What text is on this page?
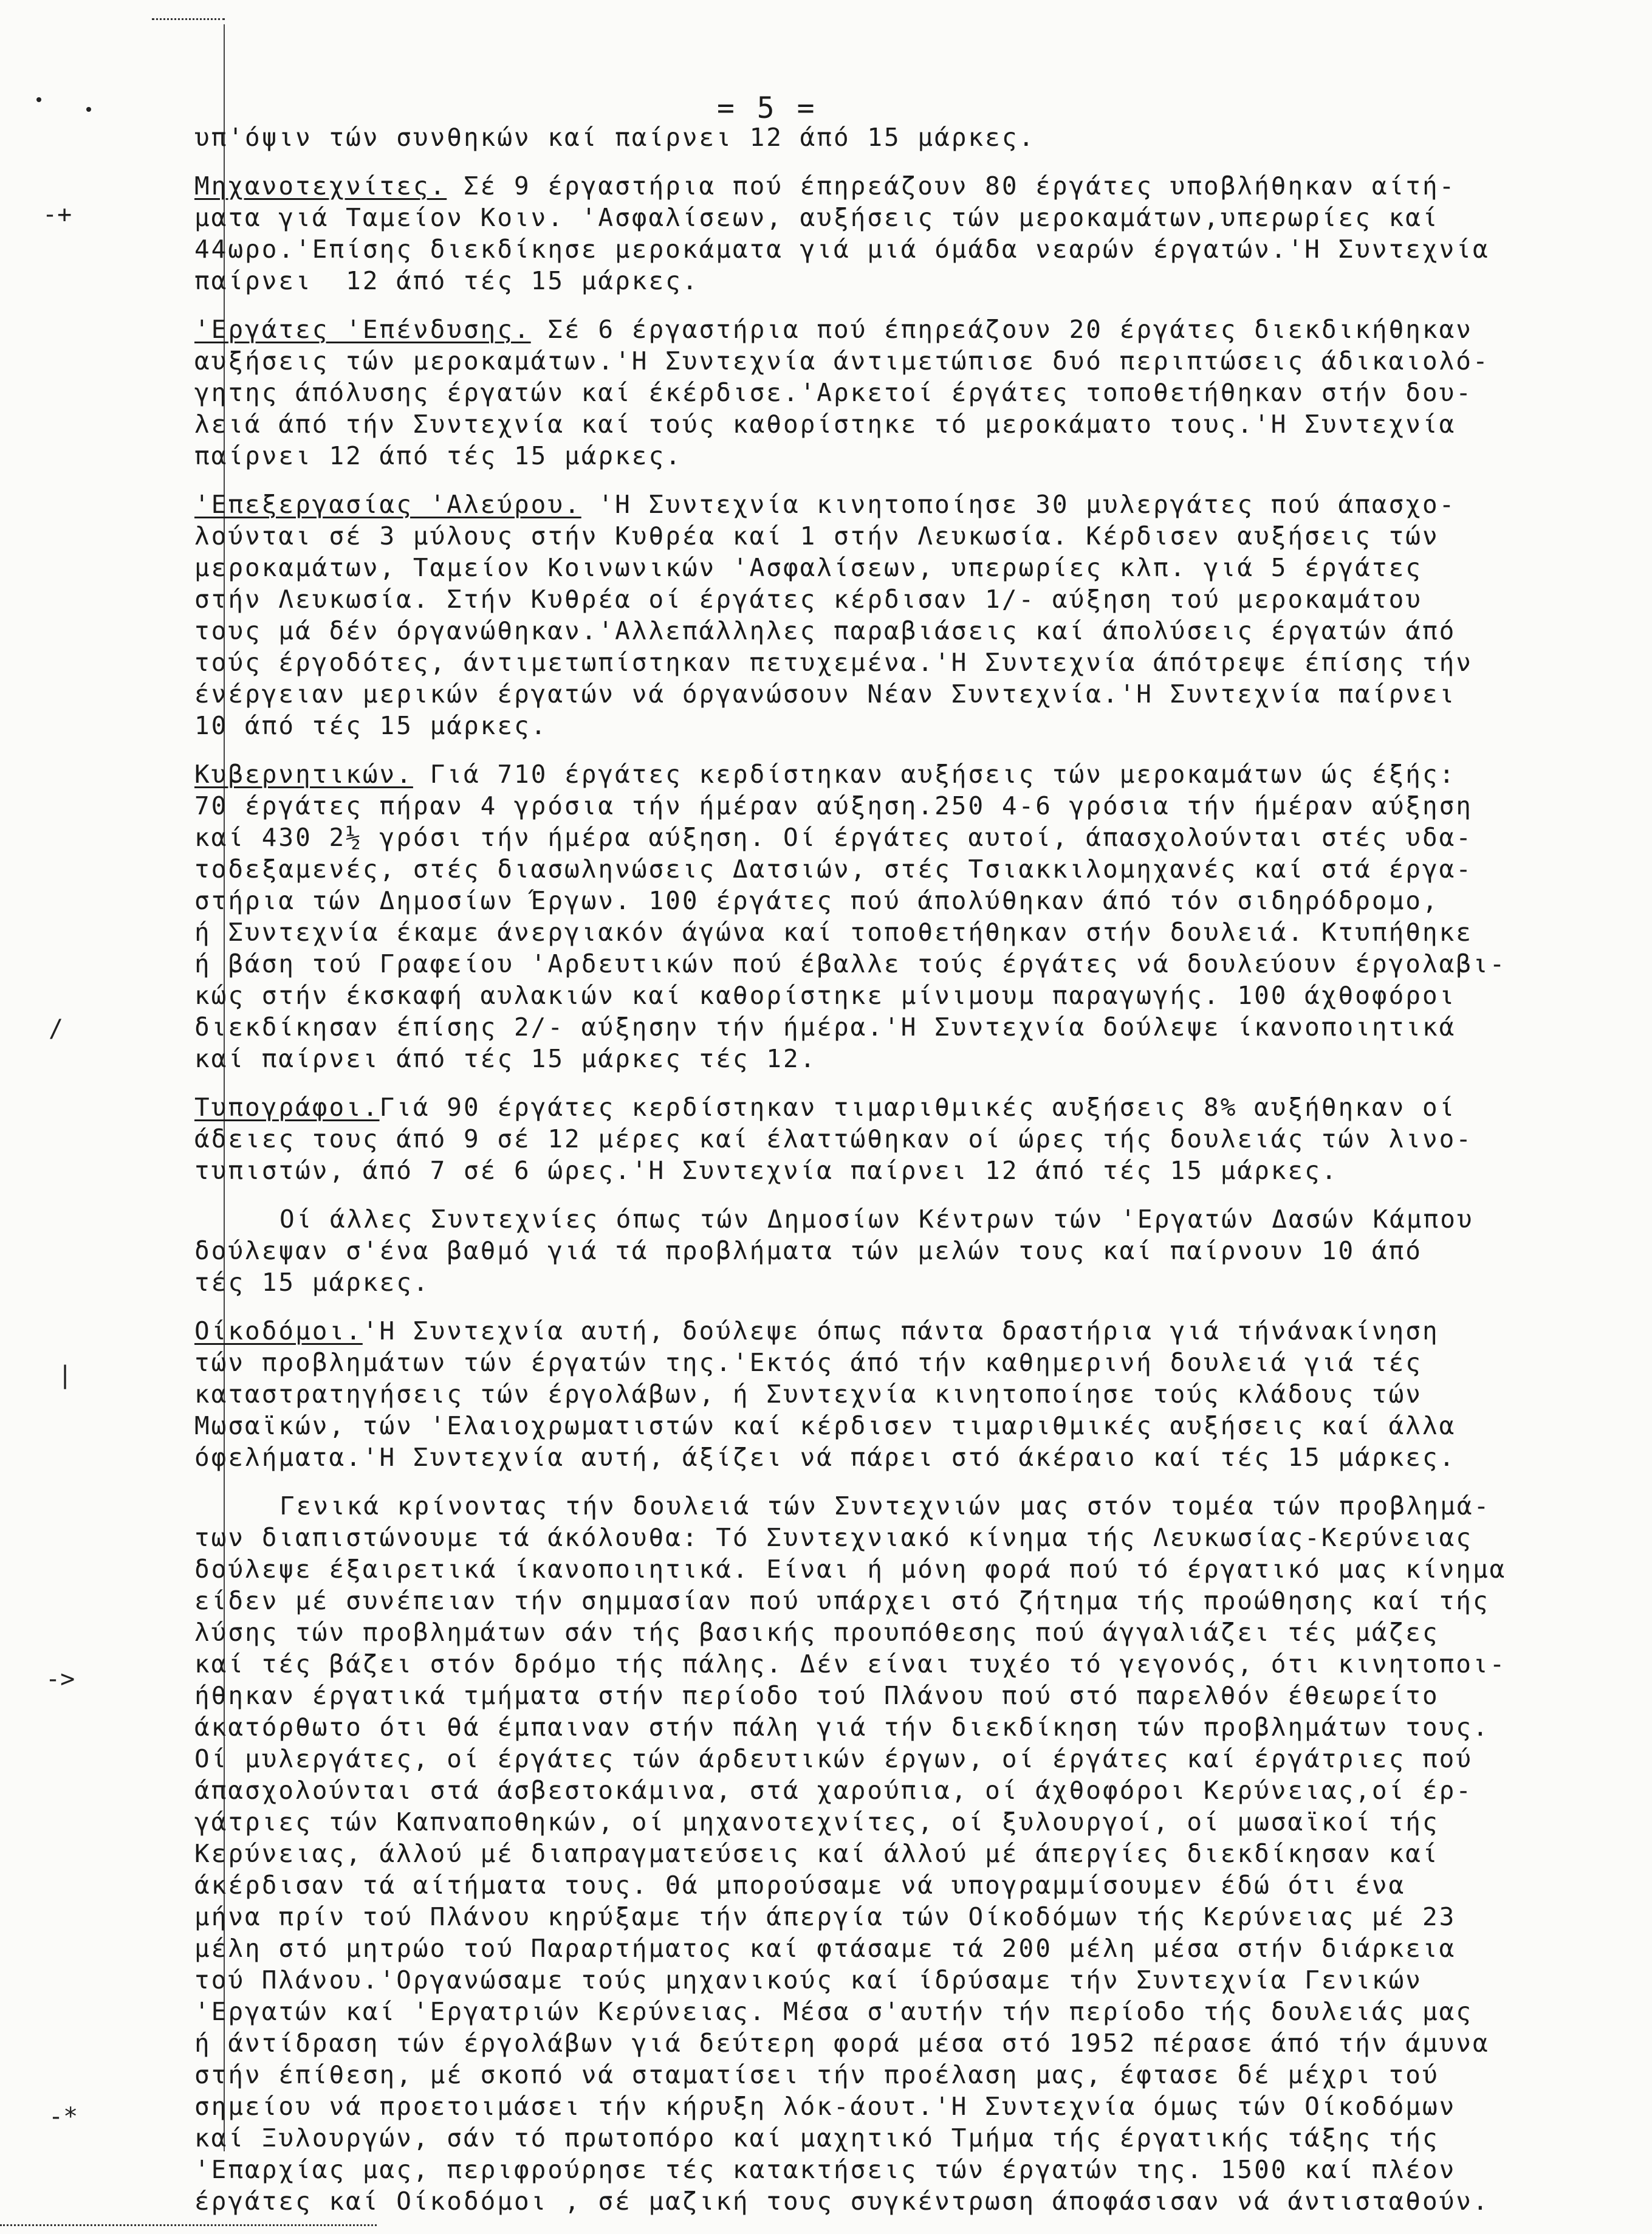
-+
/
|
->
-*
= 5 =

υπ'όψιν τών συνθηκών καί παίρνει 12 άπό 15 μάρκες.

Μηχανοτεχνίτες. Σέ 9 έργαστήρια πού έπηρεάζουν 80 έργάτες υποβλήθηκαν αίτή-

ματα γιά Ταμείον Κοιν. 'Ασφαλίσεων, αυξήσεις τών μεροκαμάτων,υπερωρίες καί

44ωρο.'Επίσης διεκδίκησε μεροκάματα γιά μιά όμάδα νεαρών έργατών.'Η Συντεχνία

παίρνει  12 άπό τές 15 μάρκες.

'Εργάτες 'Επένδυσης. Σέ 6 έργαστήρια πού έπηρεάζουν 20 έργάτες διεκδικήθηκαν

αυξήσεις τών μεροκαμάτων.'Η Συντεχνία άντιμετώπισε δυό περιπτώσεις άδικαιολό-

γητης άπόλυσης έργατών καί έκέρδισε.'Αρκετοί έργάτες τοποθετήθηκαν στήν δου-

λειά άπό τήν Συντεχνία καί τούς καθορίστηκε τό μεροκάματο τους.'Η Συντεχνία

παίρνει 12 άπό τές 15 μάρκες.

'Επεξεργασίας 'Αλεύρου. 'Η Συντεχνία κινητοποίησε 30 μυλεργάτες πού άπασχο-

λούνται σέ 3 μύλους στήν Κυθρέα καί 1 στήν Λευκωσία. Κέρδισεν αυξήσεις τών

μεροκαμάτων, Ταμείον Κοινωνικών 'Ασφαλίσεων, υπερωρίες κλπ. γιά 5 έργάτες

στήν Λευκωσία. Στήν Κυθρέα οί έργάτες κέρδισαν 1/- αύξηση τού μεροκαμάτου

τους μά δέν όργανώθηκαν.'Αλλεπάλληλες παραβιάσεις καί άπολύσεις έργατών άπό

τούς έργοδότες, άντιμετωπίστηκαν πετυχεμένα.'Η Συντεχνία άπότρεψε έπίσης τήν

ένέργειαν μερικών έργατών νά όργανώσουν Νέαν Συντεχνία.'Η Συντεχνία παίρνει

10 άπό τές 15 μάρκες.

Κυβερνητικών. Γιά 710 έργάτες κερδίστηκαν αυξήσεις τών μεροκαμάτων ώς έξής:

70 έργάτες πήραν 4 γρόσια τήν ήμέραν αύξηση.250 4-6 γρόσια τήν ήμέραν αύξηση

καί 430 2½ γρόσι τήν ήμέρα αύξηση. Οί έργάτες αυτοί, άπασχολούνται στές υδα-

τοδεξαμενές, στές διασωληνώσεις Δατσιών, στές Τσιακκιλομηχανές καί στά έργα-

στήρια τών Δημοσίων Έργων. 100 έργάτες πού άπολύθηκαν άπό τόν σιδηρόδρομο,

ή Συντεχνία έκαμε άνεργιακόν άγώνα καί τοποθετήθηκαν στήν δουλειά. Κτυπήθηκε

ή βάση τού Γραφείου 'Αρδευτικών πού έβαλλε τούς έργάτες νά δουλεύουν έργολαβι-

κώς στήν έκσκαφή αυλακιών καί καθορίστηκε μίνιμουμ παραγωγής. 100 άχθοφόροι

διεκδίκησαν έπίσης 2/- αύξησην τήν ήμέρα.'Η Συντεχνία δούλεψε ίκανοποιητικά

καί παίρνει άπό τές 15 μάρκες τές 12.

Τυπογράφοι.Γιά 90 έργάτες κερδίστηκαν τιμαριθμικές αυξήσεις 8% αυξήθηκαν οί

άδειες τους άπό 9 σέ 12 μέρες καί έλαττώθηκαν οί ώρες τής δουλειάς τών λινο-

τυπιστών, άπό 7 σέ 6 ώρες.'Η Συντεχνία παίρνει 12 άπό τές 15 μάρκες.

Οί άλλες Συντεχνίες όπως τών Δημοσίων Κέντρων τών 'Εργατών Δασών Κάμπου

δούλεψαν σ'ένα βαθμό γιά τά προβλήματα τών μελών τους καί παίρνουν 10 άπό

τές 15 μάρκες.

Οίκοδόμοι.'Η Συντεχνία αυτή, δούλεψε όπως πάντα δραστήρια γιά τήνάνακίνηση

τών προβλημάτων τών έργατών της.'Εκτός άπό τήν καθημερινή δουλειά γιά τές

καταστρατηγήσεις τών έργολάβων, ή Συντεχνία κινητοποίησε τούς κλάδους τών

Μωσαϊκών, τών 'Ελαιοχρωματιστών καί κέρδισεν τιμαριθμικές αυξήσεις καί άλλα

όφελήματα.'Η Συντεχνία αυτή, άξίζει νά πάρει στό άκέραιο καί τές 15 μάρκες.

Γενικά κρίνοντας τήν δουλειά τών Συντεχνιών μας στόν τομέα τών προβλημά-

των διαπιστώνουμε τά άκόλουθα: Τό Συντεχνιακό κίνημα τής Λευκωσίας-Κερύνειας

δούλεψε έξαιρετικά ίκανοποιητικά. Είναι ή μόνη φορά πού τό έργατικό μας κίνημα

είδεν μέ συνέπειαν τήν σημμασίαν πού υπάρχει στό ζήτημα τής προώθησης καί τής

λύσης τών προβλημάτων σάν τής βασικής προυπόθεσης πού άγγαλιάζει τές μάζες

καί τές βάζει στόν δρόμο τής πάλης. Δέν είναι τυχέο τό γεγονός, ότι κινητοποι-

ήθηκαν έργατικά τμήματα στήν περίοδο τού Πλάνου πού στό παρελθόν έθεωρείτο

άκατόρθωτο ότι θά έμπαιναν στήν πάλη γιά τήν διεκδίκηση τών προβλημάτων τους.

Οί μυλεργάτες, οί έργάτες τών άρδευτικών έργων, οί έργάτες καί έργάτριες πού

άπασχολούνται στά άσβεστοκάμινα, στά χαρούπια, οί άχθοφόροι Κερύνειας,οί έρ-

γάτριες τών Καπναποθηκών, οί μηχανοτεχνίτες, οί ξυλουργοί, οί μωσαϊκοί τής

Κερύνειας, άλλού μέ διαπραγματεύσεις καί άλλού μέ άπεργίες διεκδίκησαν καί

άκέρδισαν τά αίτήματα τους. Θά μπορούσαμε νά υπογραμμίσουμεν έδώ ότι ένα

μήνα πρίν τού Πλάνου κηρύξαμε τήν άπεργία τών Οίκοδόμων τής Κερύνειας μέ 23

μέλη στό μητρώο τού Παραρτήματος καί φτάσαμε τά 200 μέλη μέσα στήν διάρκεια

τού Πλάνου.'Οργανώσαμε τούς μηχανικούς καί ίδρύσαμε τήν Συντεχνία Γενικών

'Εργατών καί 'Εργατριών Κερύνειας. Μέσα σ'αυτήν τήν περίοδο τής δουλειάς μας

ή άντίδραση τών έργολάβων γιά δεύτερη φορά μέσα στό 1952 πέρασε άπό τήν άμυνα

στήν έπίθεση, μέ σκοπό νά σταματίσει τήν προέλαση μας, έφτασε δέ μέχρι τού

σημείου νά προετοιμάσει τήν κήρυξη λόκ-άουτ.'Η Συντεχνία όμως τών Οίκοδόμων

καί Ξυλουργών, σάν τό πρωτοπόρο καί μαχητικό Τμήμα τής έργατικής τάξης τής

'Επαρχίας μας, περιφρούρησε τές κατακτήσεις τών έργατών της. 1500 καί πλέον

έργάτες καί Οίκοδόμοι , σέ μαζική τους συγκέντρωση άποφάσισαν νά άντισταθούν.
